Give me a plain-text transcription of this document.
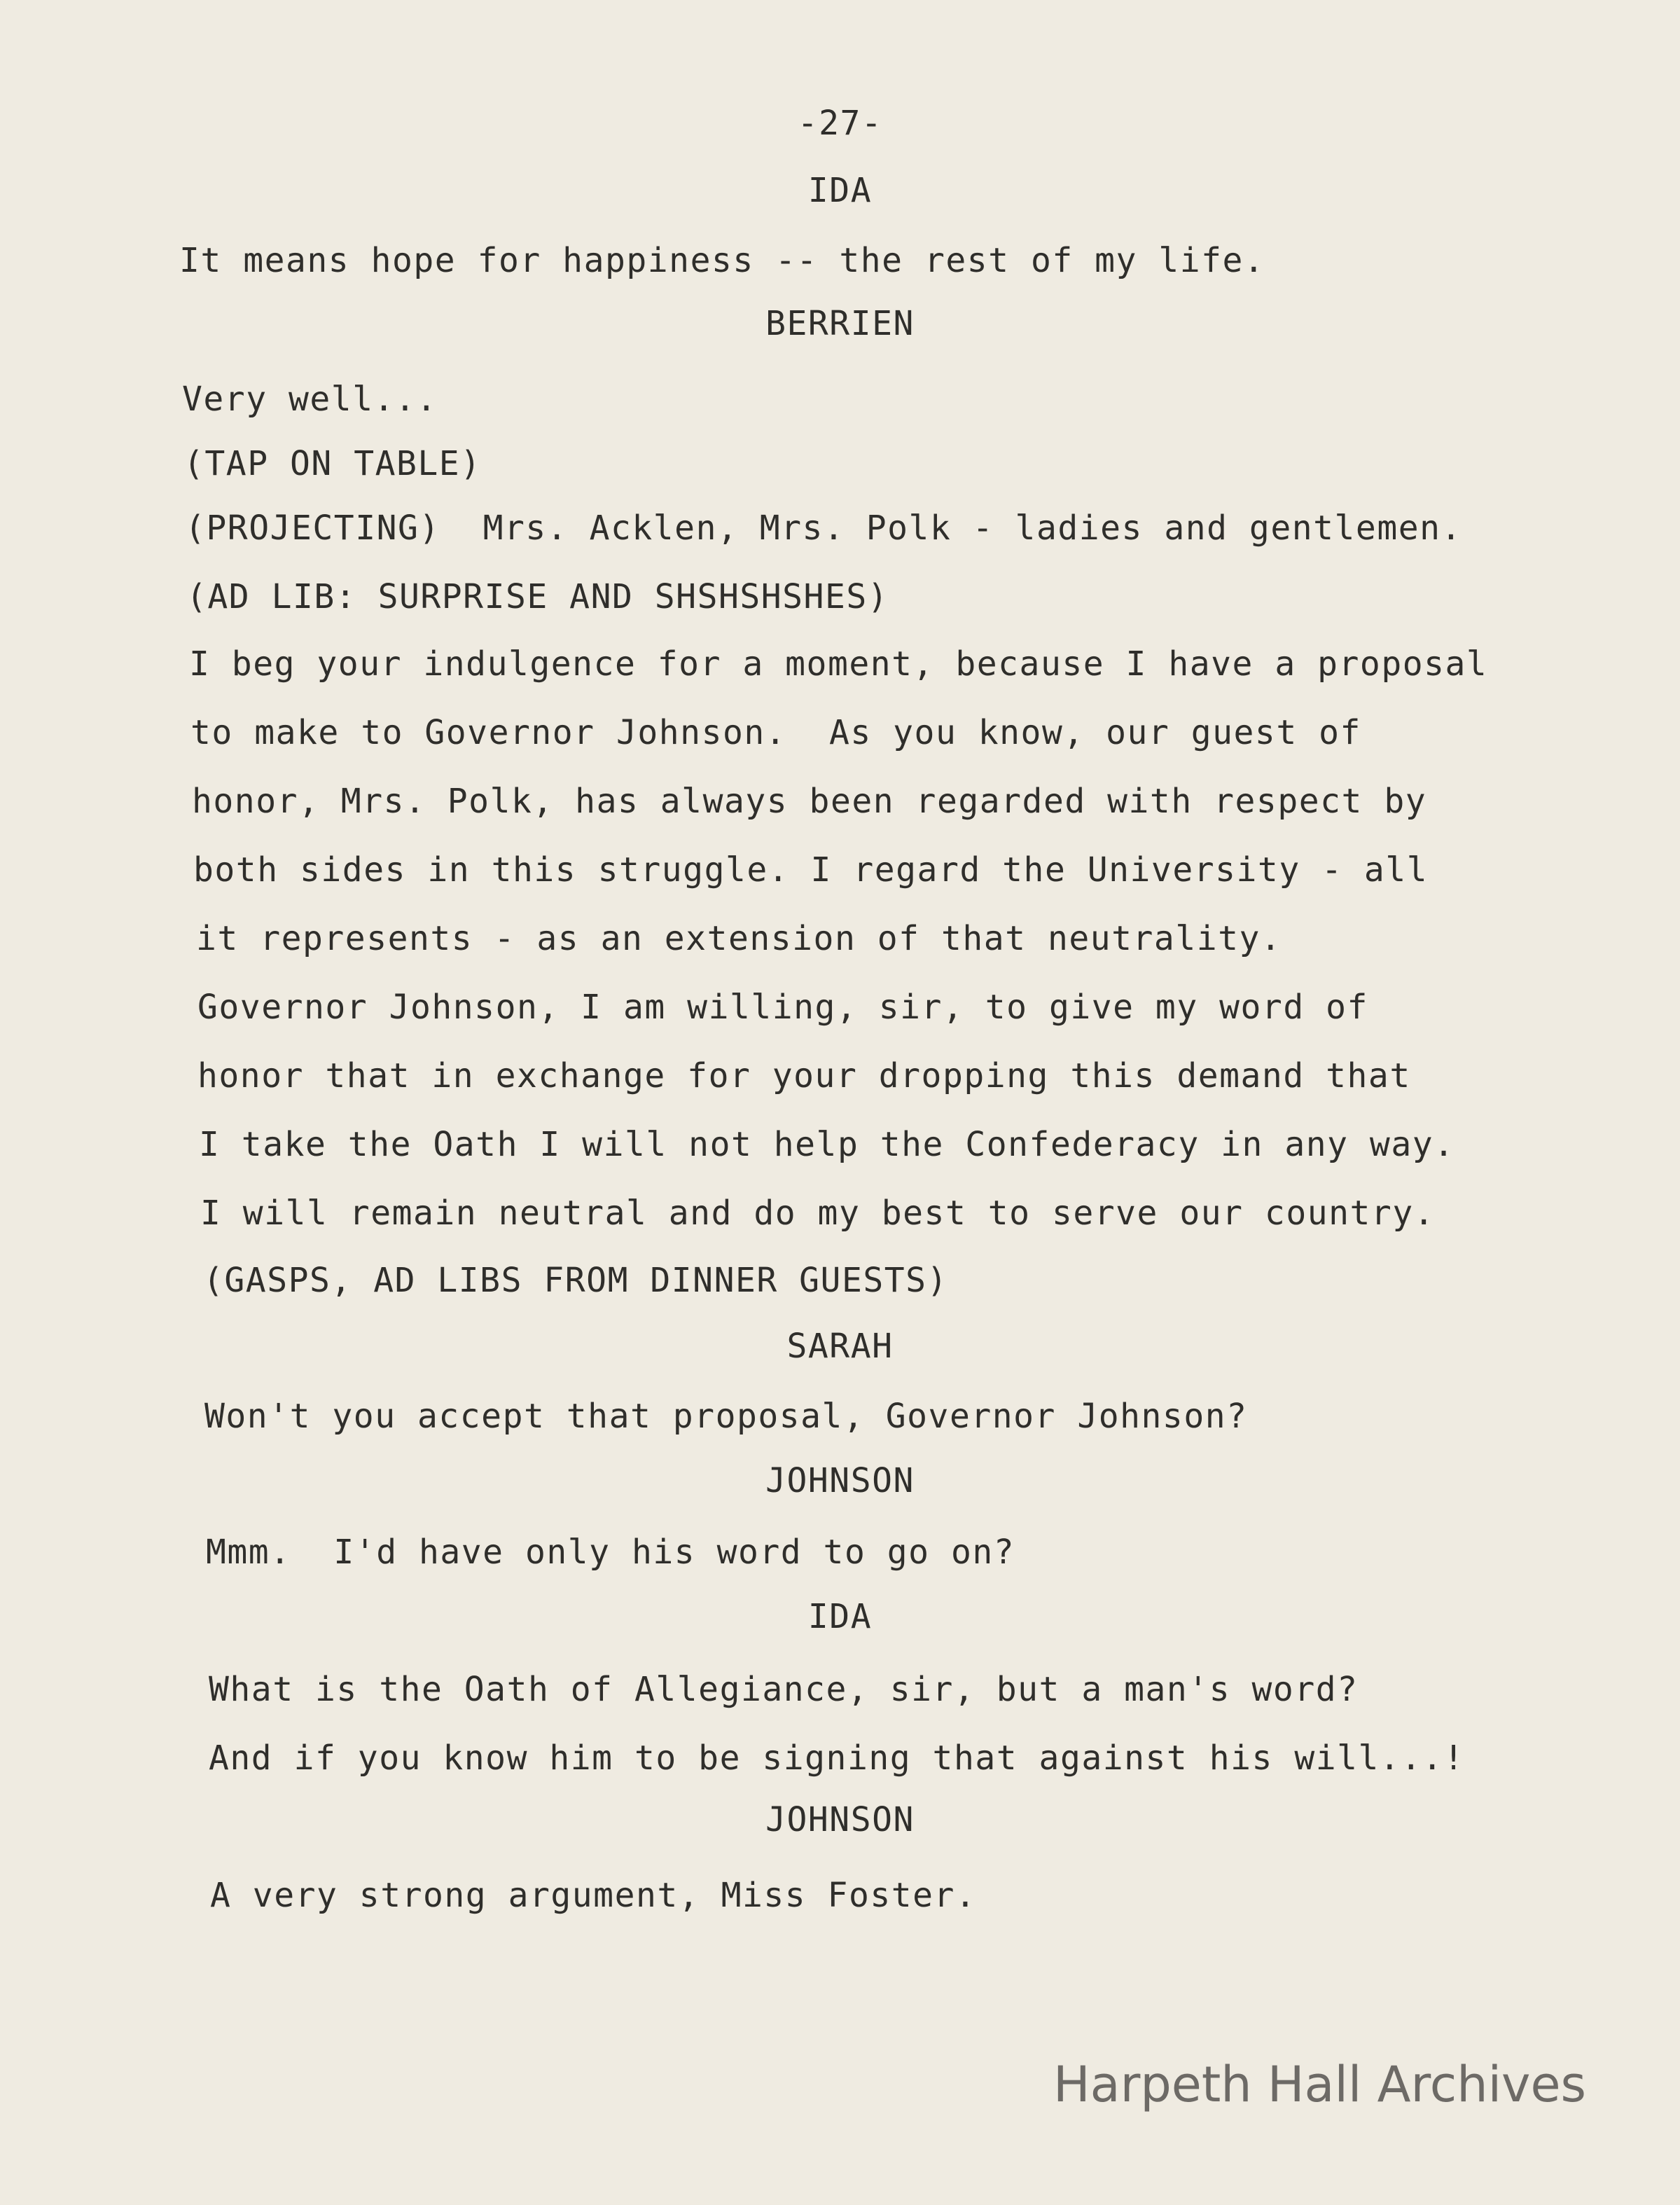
-27-
IDA
It means hope for happiness -- the rest of my life.
BERRIEN
Very well...
(TAP ON TABLE)
(PROJECTING)  Mrs. Acklen, Mrs. Polk - ladies and gentlemen.
(AD LIB: SURPRISE AND SHSHSHSHES)
I beg your indulgence for a moment, because I have a proposal
to make to Governor Johnson.  As you know, our guest of
honor, Mrs. Polk, has always been regarded with respect by
both sides in this struggle. I regard the University - all
it represents - as an extension of that neutrality.
Governor Johnson, I am willing, sir, to give my word of
honor that in exchange for your dropping this demand that
I take the Oath I will not help the Confederacy in any way.
I will remain neutral and do my best to serve our country.
(GASPS, AD LIBS FROM DINNER GUESTS)
SARAH
Won't you accept that proposal, Governor Johnson?
JOHNSON
Mmm.  I'd have only his word to go on?
IDA
What is the Oath of Allegiance, sir, but a man's word?
And if you know him to be signing that against his will...!
JOHNSON
A very strong argument, Miss Foster.
Harpeth Hall Archives
